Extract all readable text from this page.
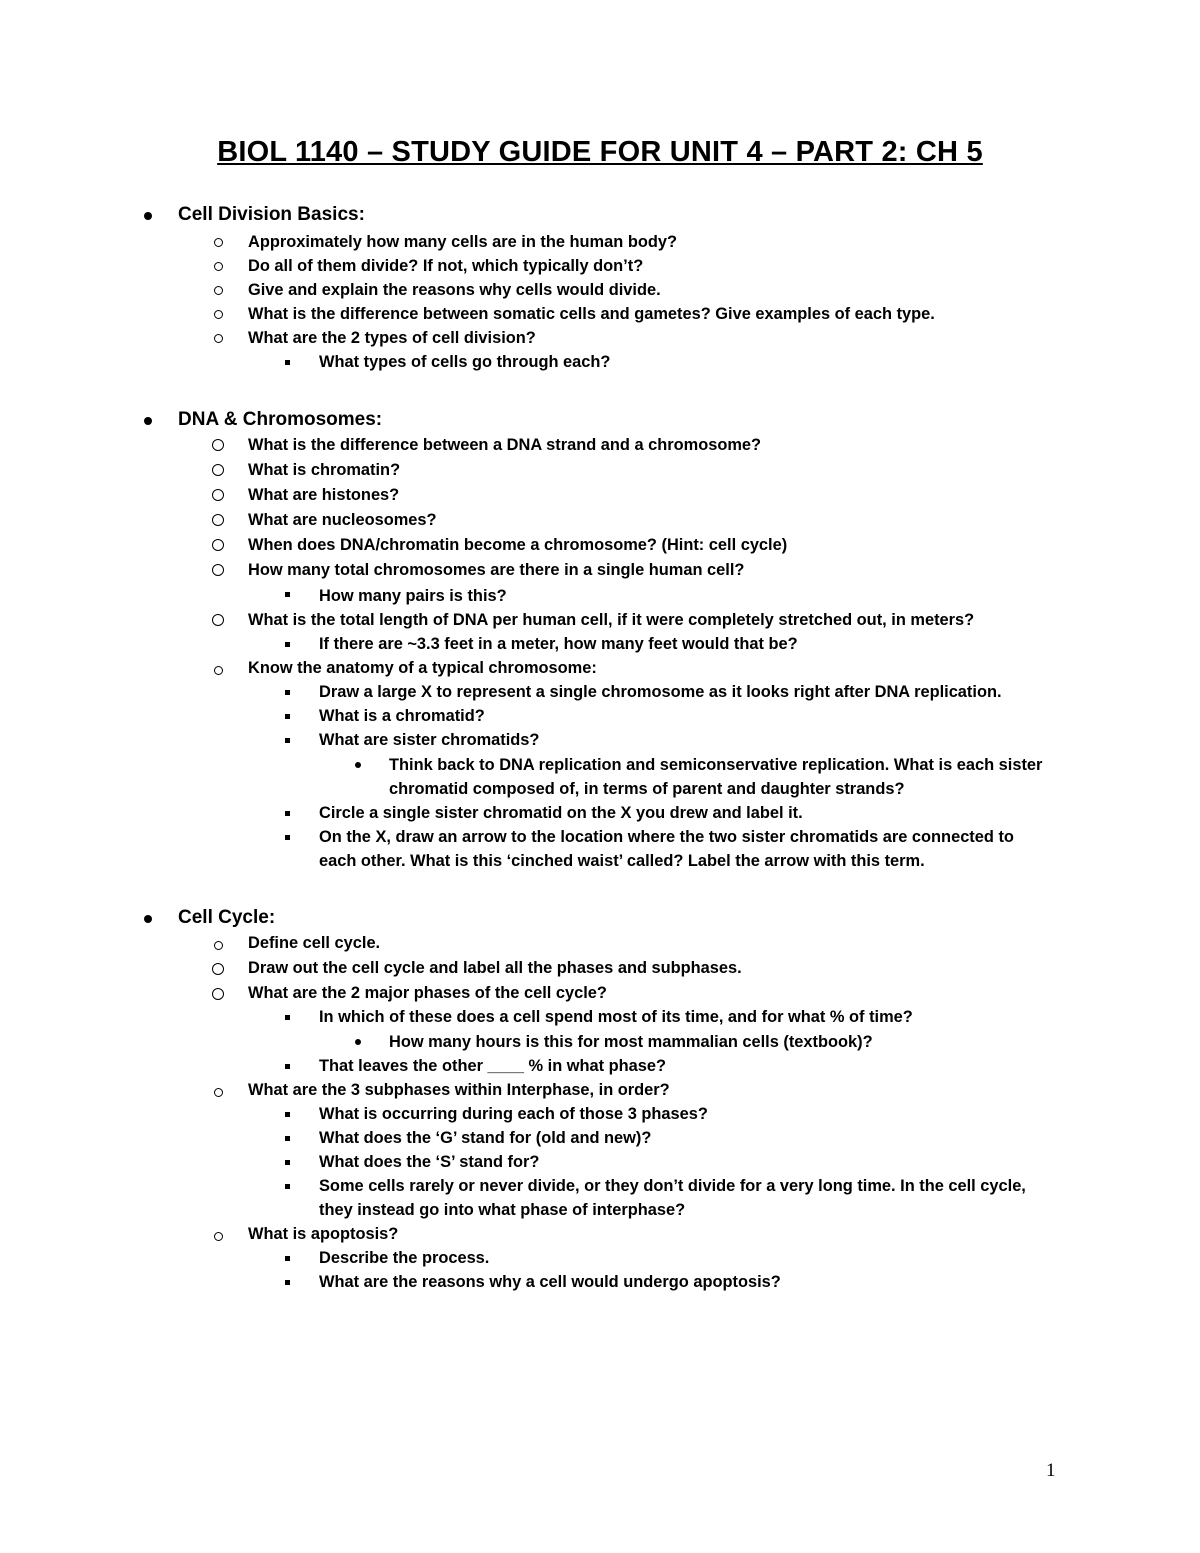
BIOL 1140 – STUDY GUIDE FOR UNIT 4 – PART 2: CH 5
Cell Division Basics:
Approximately how many cells are in the human body?
Do all of them divide? If not, which typically don’t?
Give and explain the reasons why cells would divide.
What is the difference between somatic cells and gametes? Give examples of each type.
What are the 2 types of cell division?
What types of cells go through each?
DNA & Chromosomes:
What is the difference between a DNA strand and a chromosome?
What is chromatin?
What are histones?
What are nucleosomes?
When does DNA/chromatin become a chromosome? (Hint: cell cycle)
How many total chromosomes are there in a single human cell?
How many pairs is this?
What is the total length of DNA per human cell, if it were completely stretched out, in meters?
If there are ~3.3 feet in a meter, how many feet would that be?
Know the anatomy of a typical chromosome:
Draw a large X to represent a single chromosome as it looks right after DNA replication.
What is a chromatid?
What are sister chromatids?
Think back to DNA replication and semiconservative replication. What is each sister
chromatid composed of, in terms of parent and daughter strands?
Circle a single sister chromatid on the X you drew and label it.
On the X, draw an arrow to the location where the two sister chromatids are connected to
each other. What is this ‘cinched waist’ called? Label the arrow with this term.
Cell Cycle:
Define cell cycle.
Draw out the cell cycle and label all the phases and subphases.
What are the 2 major phases of the cell cycle?
In which of these does a cell spend most of its time, and for what % of time?
How many hours is this for most mammalian cells (textbook)?
That leaves the other ____ % in what phase?
What are the 3 subphases within Interphase, in order?
What is occurring during each of those 3 phases?
What does the ‘G’ stand for (old and new)?
What does the ‘S’ stand for?
Some cells rarely or never divide, or they don’t divide for a very long time. In the cell cycle,
they instead go into what phase of interphase?
What is apoptosis?
Describe the process.
What are the reasons why a cell would undergo apoptosis?
1
